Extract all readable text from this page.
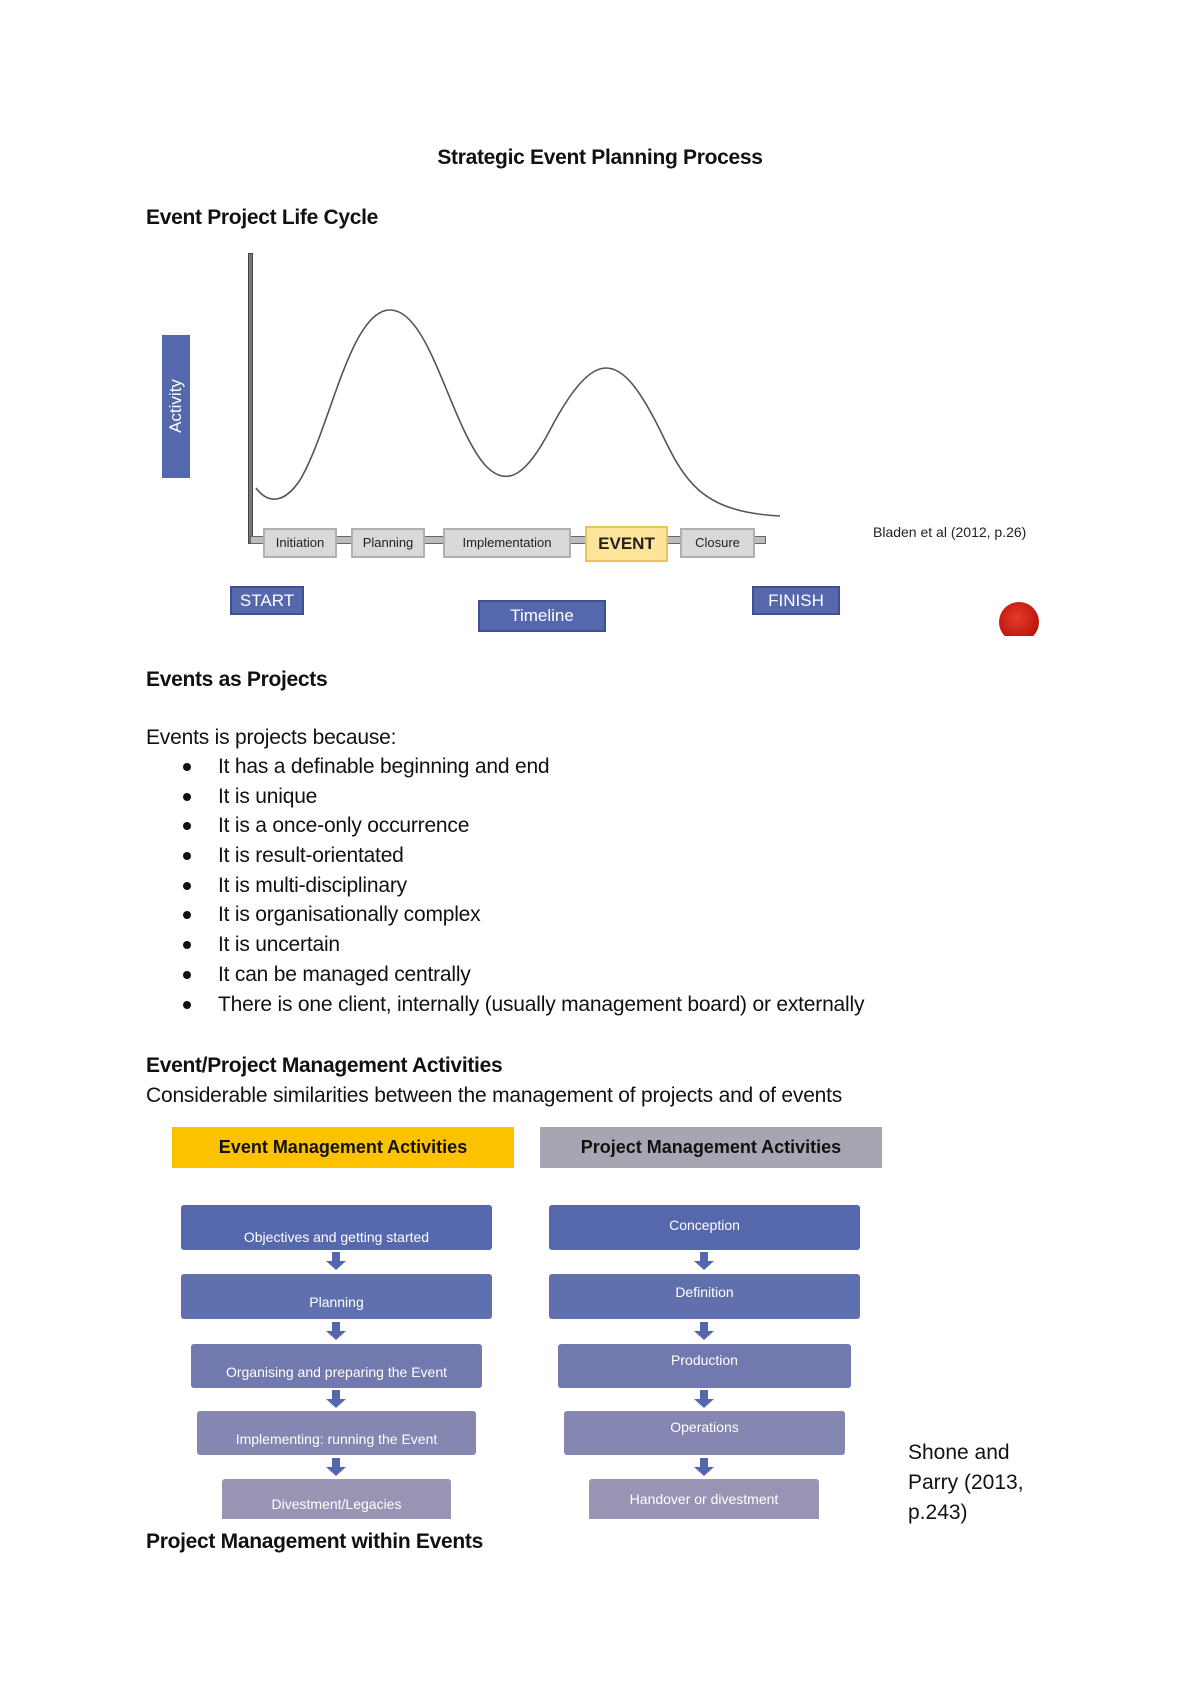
Strategic Event Planning Process
Event Project Life Cycle
Activity
Initiation	Planning	Implementation	EVENT	Closure
START
Timeline
FINISH
Bladen et al (2012, p.26)
Events as Projects
Events is projects because:
It has a definable beginning and end
It is unique
It is a once-only occurrence
It is result-orientated
It is multi-disciplinary
It is organisationally complex
It is uncertain
It can be managed centrally
There is one client, internally (usually management board) or externally
Event/Project Management Activities
Considerable similarities between the management of projects and of events
Event Management Activities	Project Management Activities
Objectives and getting started
Planning
Organising and preparing the Event
Implementing: running the Event
Divestment/Legacies
Conception
Definition
Production
Operations
Handover or divestment
Shone and Parry (2013, p.243)
Project Management within Events
